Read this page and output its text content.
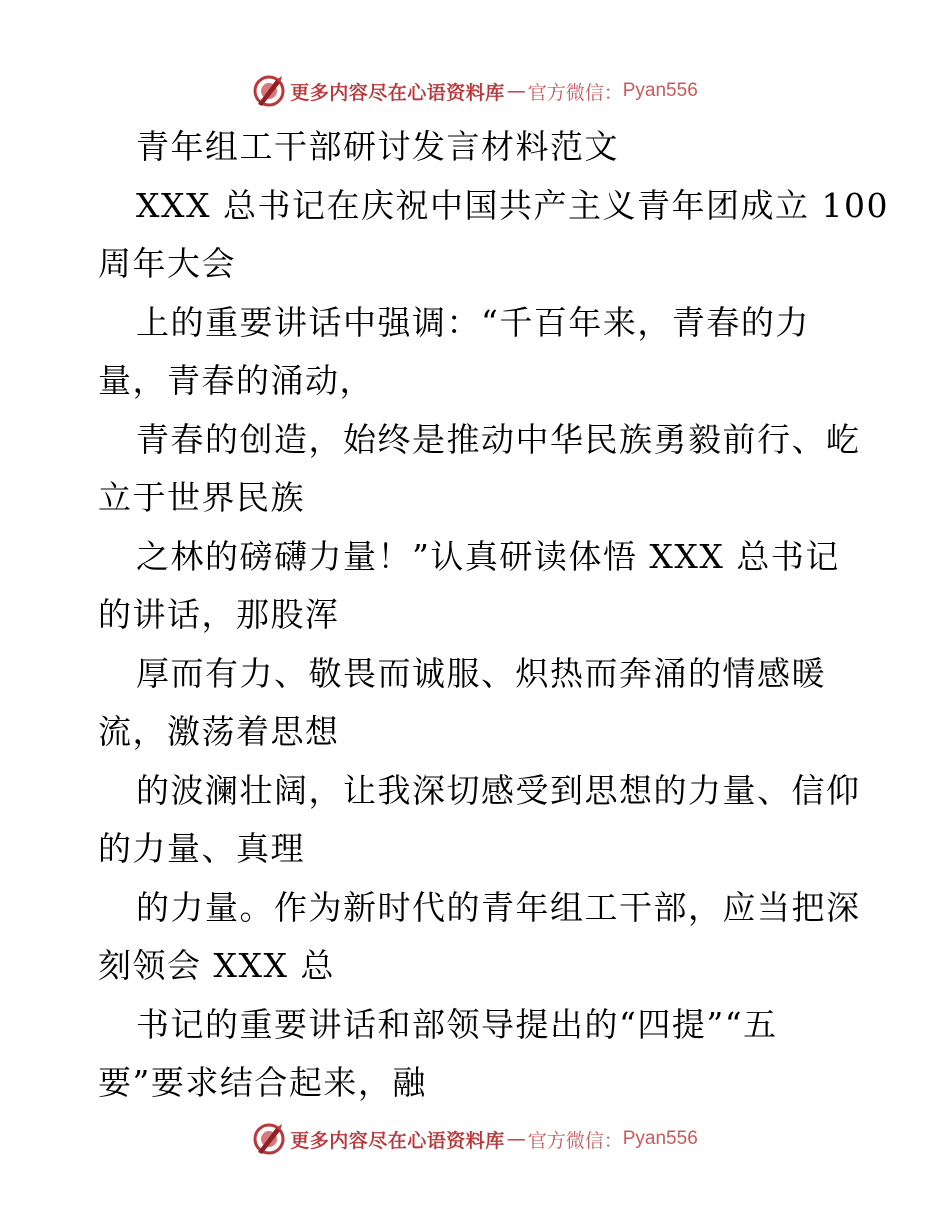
更多内容尽在心语资料库 — 官方微信： Pyan556
青年组工干部研讨发言材料范文
XXX 总书记在庆祝中国共产主义青年团成立 100
周年大会
上的重要讲话中强调：“千百年来，青春的力
量，青春的涌动，
青春的创造，始终是推动中华民族勇毅前行、屹
立于世界民族
之林的磅礴力量！”认真研读体悟 XXX 总书记
的讲话，那股浑
厚而有力、敬畏而诚服、炽热而奔涌的情感暖
流，激荡着思想
的波澜壮阔，让我深切感受到思想的力量、信仰
的力量、真理
的力量。作为新时代的青年组工干部，应当把深
刻领会 XXX 总
书记的重要讲话和部领导提出的“四提”“五
要”要求结合起来，融
更多内容尽在心语资料库 — 官方微信： Pyan556
